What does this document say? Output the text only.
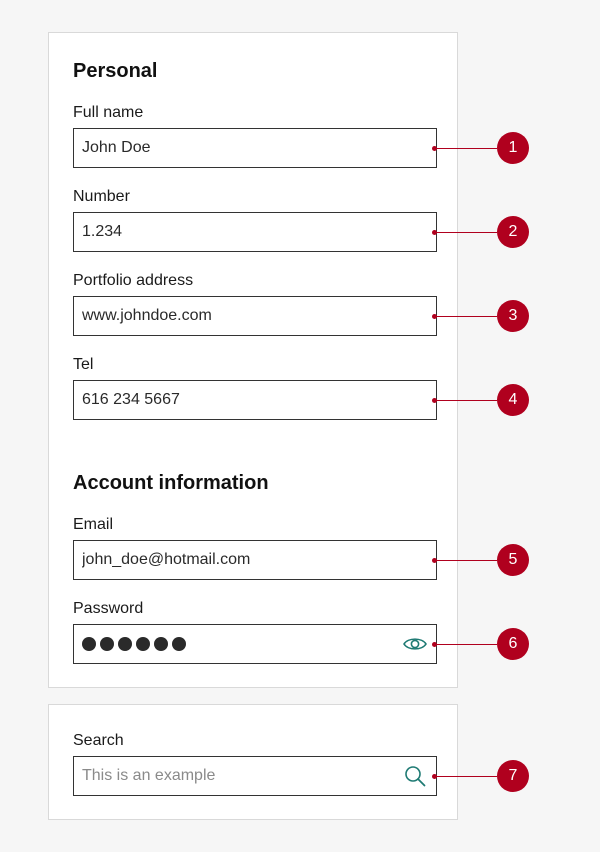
Personal
Full name
John Doe
Number
1.234
Portfolio address
www.johndoe.com
Tel
616 234 5667
Account information
Email
john_doe@hotmail.com
Password
Search
This is an example
1
2
3
4
5
6
7
